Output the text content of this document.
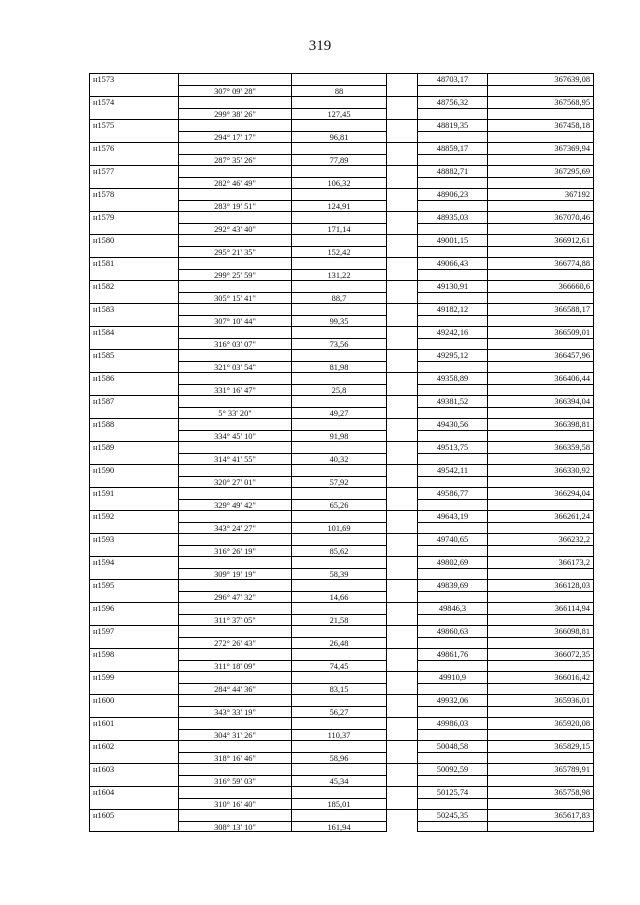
319
н1573	48703,17	367639,08
307° 09' 28"	88
н1574	48756,32	367568,95
299° 38' 26"	127,45
н1575	48819,35	367458,18
294° 17' 17"	96,81
н1576	48859,17	367369,94
287° 35' 26"	77,89
н1577	48882,71	367295,69
282° 46' 49"	106,32
н1578	48906,23	367192
283° 19' 51"	124,91
н1579	48935,03	367070,46
292° 43' 40"	171,14
н1580	49001,15	366912,61
295° 21' 35"	152,42
н1581	49066,43	366774,88
299° 25' 59"	131,22
н1582	49130,91	366660,6
305° 15' 41"	88,7
н1583	49182,12	366588,17
307° 10' 44"	99,35
н1584	49242,16	366509,01
316° 03' 07"	73,56
н1585	49295,12	366457,96
321° 03' 54"	81,98
н1586	49358,89	366406,44
331° 16' 47"	25,8
н1587	49381,52	366394,04
5° 33' 20"	49,27
н1588	49430,56	366398,81
334° 45' 10"	91,98
н1589	49513,75	366359,58
314° 41' 55"	40,32
н1590	49542,11	366330,92
320° 27' 01"	57,92
н1591	49586,77	366294,04
329° 49' 42"	65,26
н1592	49643,19	366261,24
343° 24' 27"	101,69
н1593	49740,65	366232,2
316° 26' 19"	85,62
н1594	49802,69	366173,2
309° 19' 19"	58,39
н1595	49839,69	366128,03
296° 47' 32"	14,66
н1596	49846,3	366114,94
311° 37' 05"	21,58
н1597	49860,63	366098,81
272° 26' 43"	26,48
н1598	49861,76	366072,35
311° 18' 09"	74,45
н1599	49910,9	366016,42
284° 44' 36"	83,15
н1600	49932,06	365936,01
343° 33' 19"	56,27
н1601	49986,03	365920,08
304° 31' 26"	110,37
н1602	50048,58	365829,15
318° 16' 46"	58,96
н1603	50092,59	365789,91
316° 59' 03"	45,34
н1604	50125,74	365758,98
310° 16' 40"	185,01
н1605	50245,35	365617,83
308° 13' 10"	161,94
